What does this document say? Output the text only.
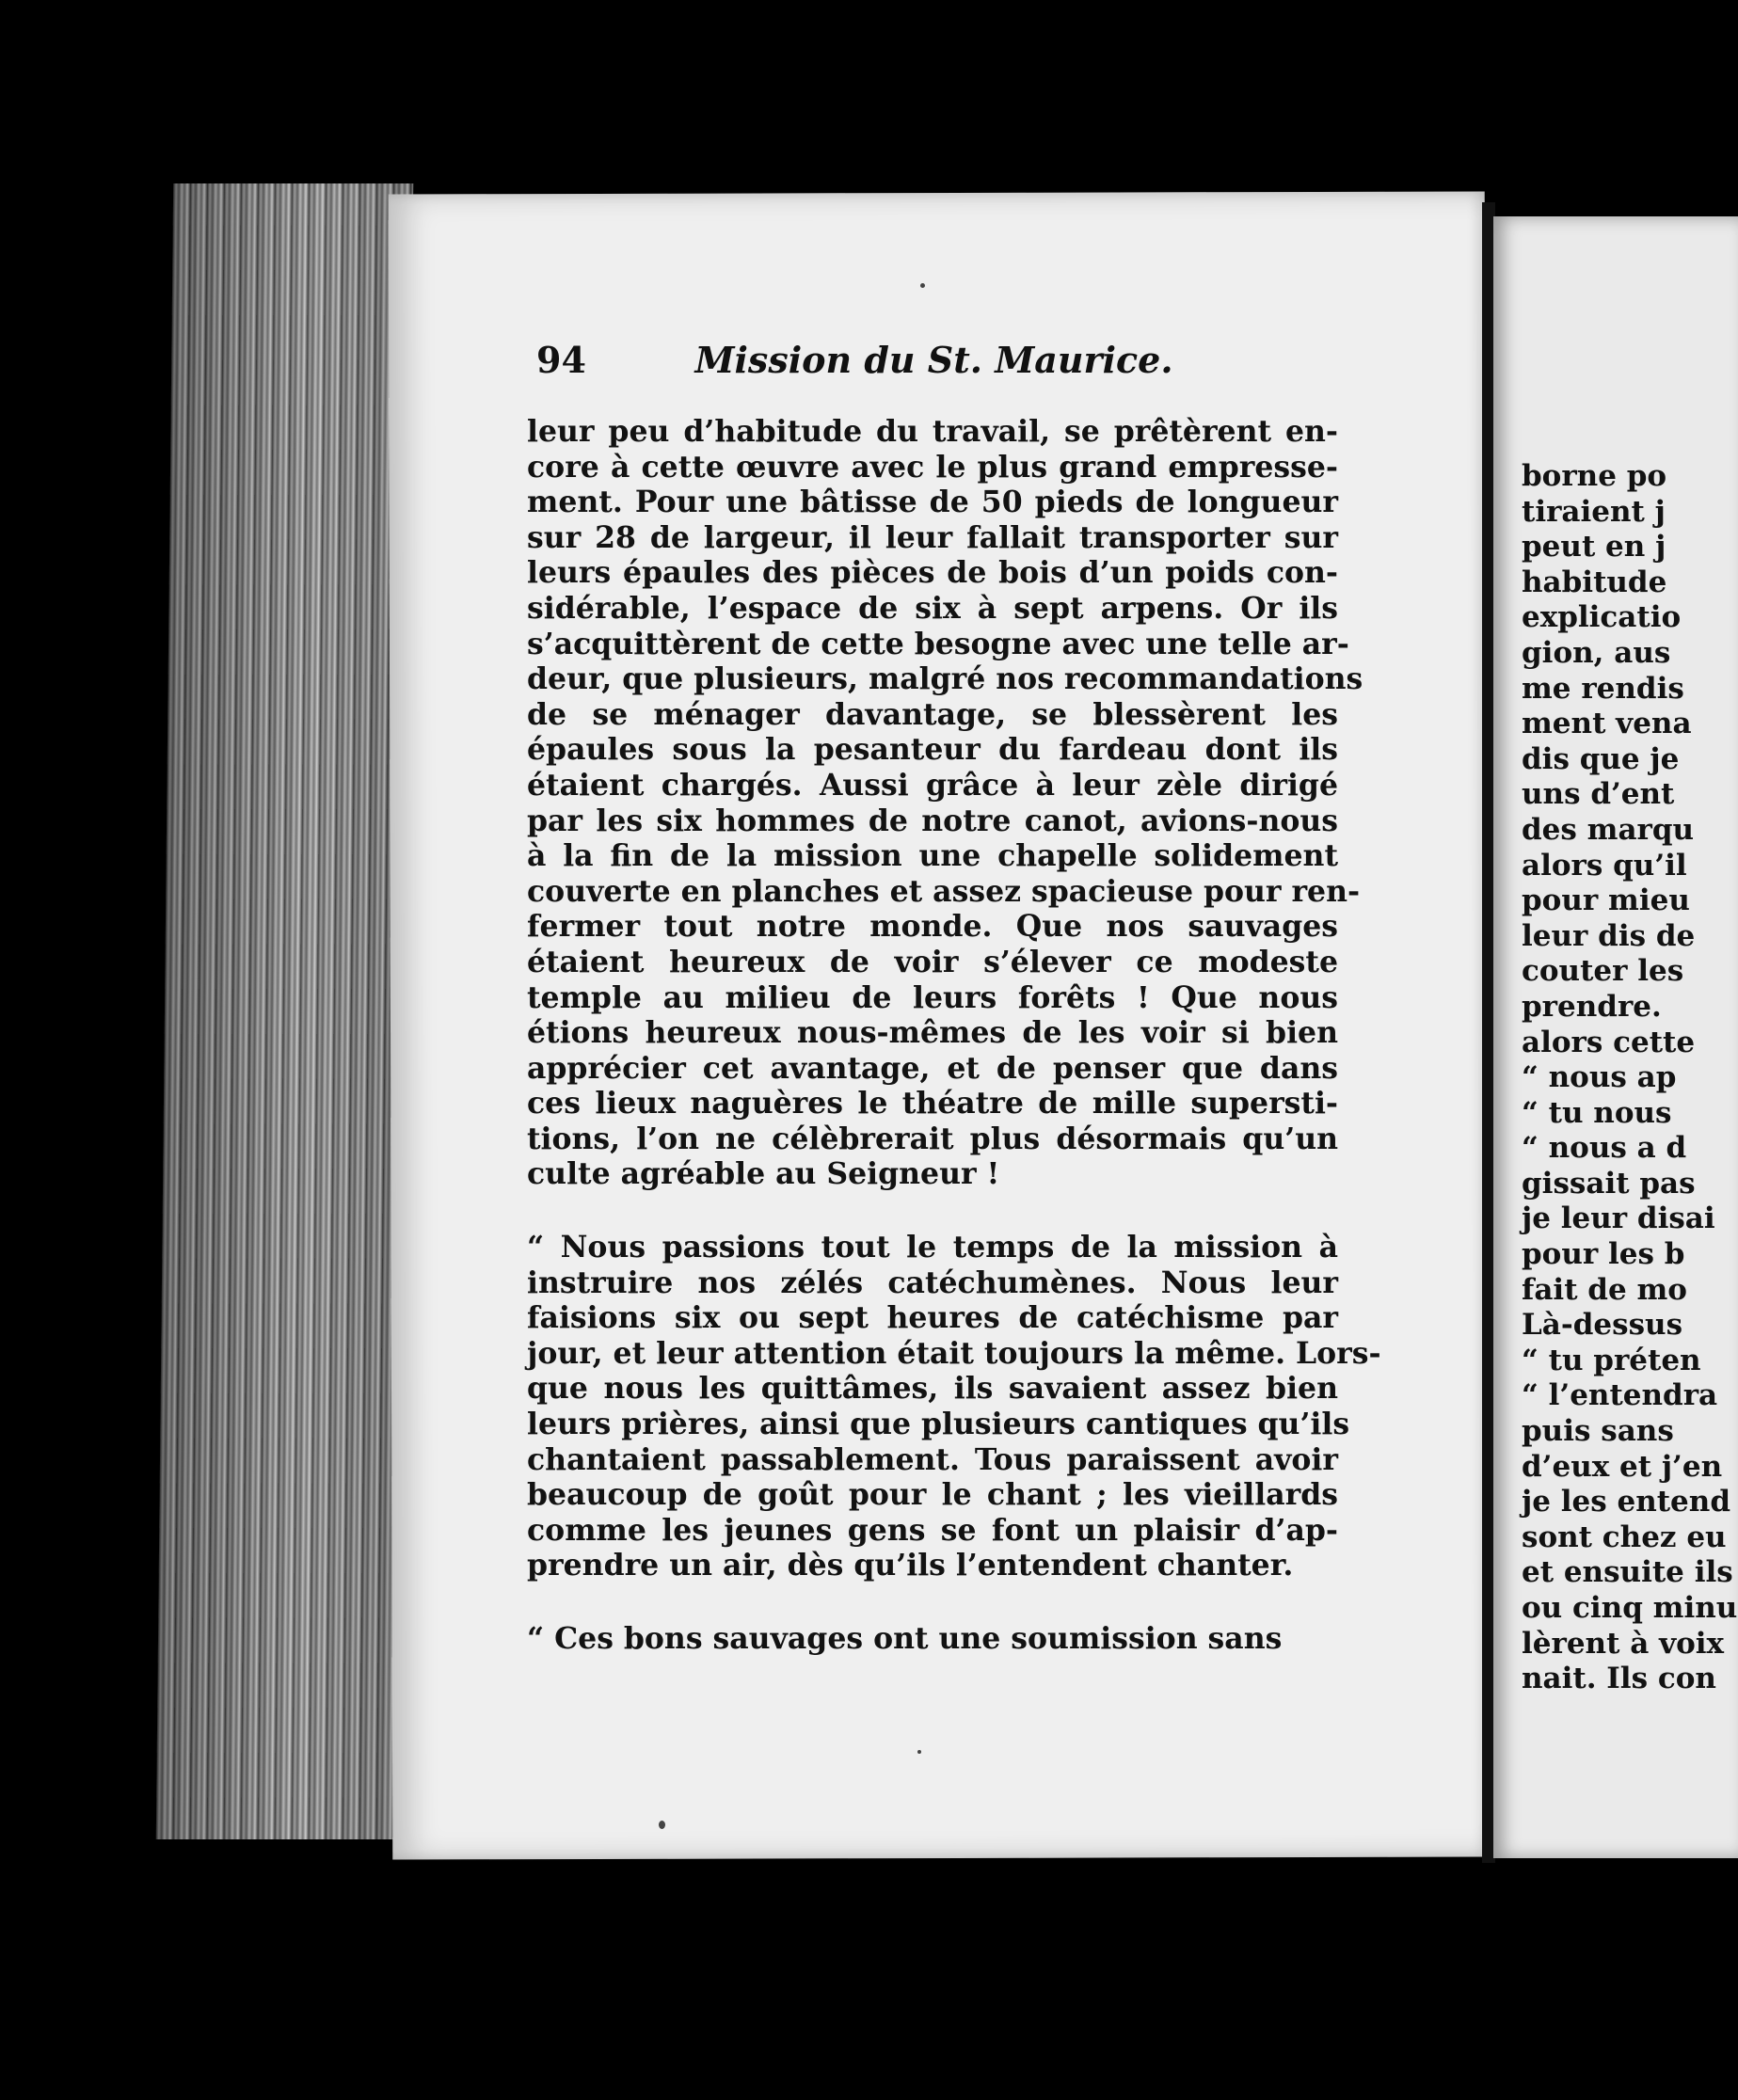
borne po
tiraient j
peut en j
habitude
explicatio
gion, aus
me rendis
ment vena
dis que je
uns d’ent
des marqu
alors qu’il
pour mieu
leur dis de
couter les
prendre.
alors cette
“ nous ap
“ tu nous
“ nous a d
gissait pas
je leur disai
pour les b
fait de mo
Là-dessus
“ tu préten
“ l’entendra
puis sans
d’eux et j’en
je les entend
sont chez eu
et ensuite ils
ou cinq minu
lèrent à voix
nait. Ils con
94	Mission du St. Maurice.
leur peu d’habitude du travail, se prêtèrent en-
core à cette œuvre avec le plus grand empresse-
ment. Pour une bâtisse de 50 pieds de longueur
sur 28 de largeur, il leur fallait transporter sur
leurs épaules des pièces de bois d’un poids con-
sidérable, l’espace de six à sept arpens. Or ils
s’acquittèrent de cette besogne avec une telle ar-
deur, que plusieurs, malgré nos recommandations
de se ménager davantage, se blessèrent les
épaules sous la pesanteur du fardeau dont ils
étaient chargés. Aussi grâce à leur zèle dirigé
par les six hommes de notre canot, avions-nous
à la fin de la mission une chapelle solidement
couverte en planches et assez spacieuse pour ren-
fermer tout notre monde. Que nos sauvages
étaient heureux de voir s’élever ce modeste
temple au milieu de leurs forêts ! Que nous
étions heureux nous-mêmes de les voir si bien
apprécier cet avantage, et de penser que dans
ces lieux naguères le théatre de mille supersti-
tions, l’on ne célèbrerait plus désormais qu’un
culte agréable au Seigneur !
“ Nous passions tout le temps de la mission à
instruire nos zélés catéchumènes. Nous leur
faisions six ou sept heures de catéchisme par
jour, et leur attention était toujours la même. Lors-
que nous les quittâmes, ils savaient assez bien
leurs prières, ainsi que plusieurs cantiques qu’ils
chantaient passablement. Tous paraissent avoir
beaucoup de goût pour le chant ; les vieillards
comme les jeunes gens se font un plaisir d’ap-
prendre un air, dès qu’ils l’entendent chanter.
“ Ces bons sauvages ont une soumission sans
